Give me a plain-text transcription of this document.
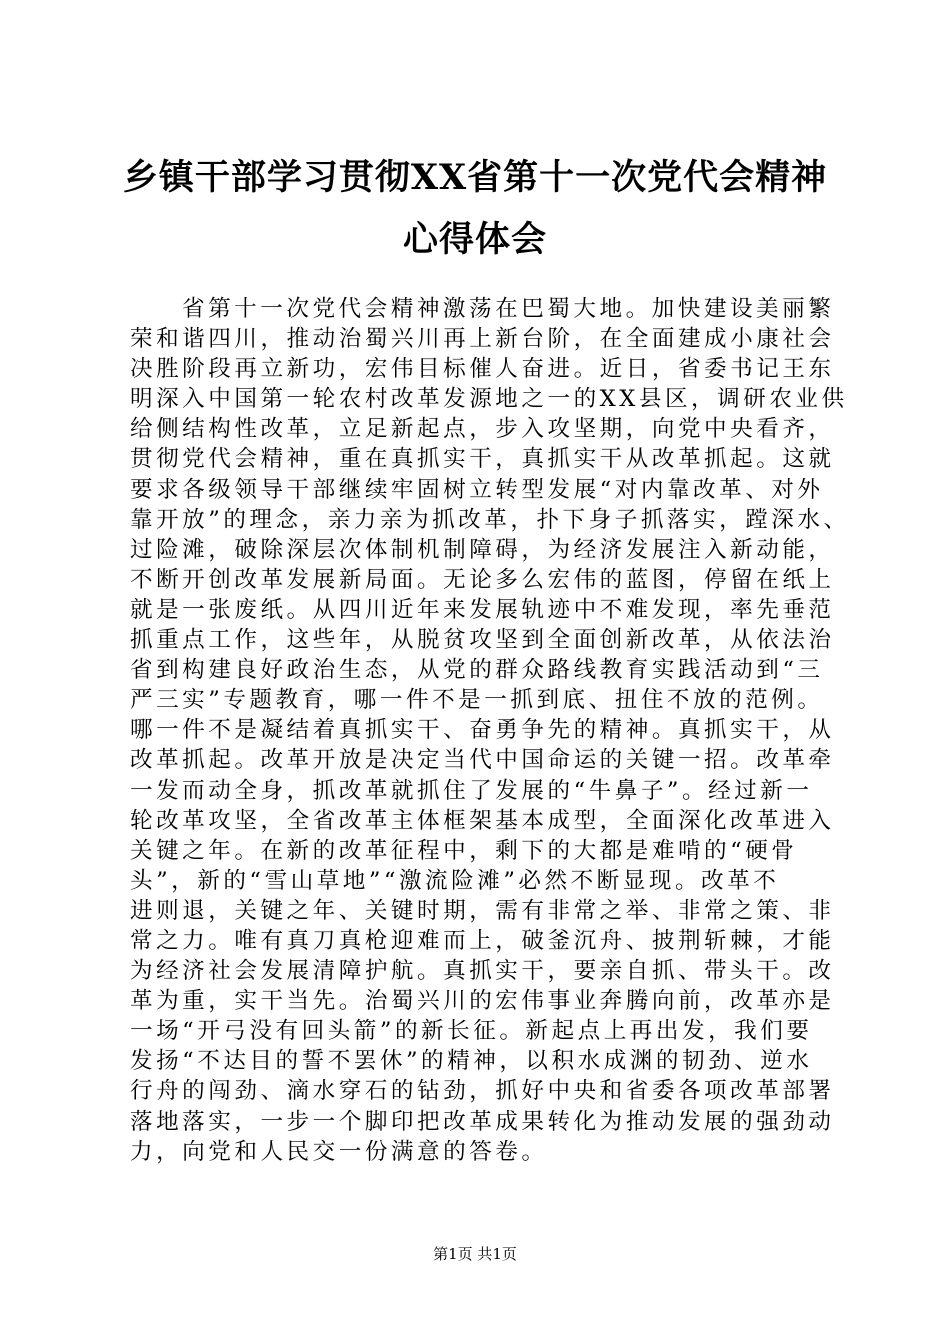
乡镇干部学习贯彻XX省第十一次党代会精神
心得体会
省第十一次党代会精神激荡在巴蜀大地。加快建设美丽繁
荣和谐四川，推动治蜀兴川再上新台阶，在全面建成小康社会
决胜阶段再立新功，宏伟目标催人奋进。近日，省委书记王东
明深入中国第一轮农村改革发源地之一的XX县区，调研农业供
给侧结构性改革，立足新起点，步入攻坚期，向党中央看齐，
贯彻党代会精神，重在真抓实干，真抓实干从改革抓起。这就
要求各级领导干部继续牢固树立转型发展“对内靠改革、对外
靠开放”的理念，亲力亲为抓改革，扑下身子抓落实，蹚深水、
过险滩，破除深层次体制机制障碍，为经济发展注入新动能，
不断开创改革发展新局面。无论多么宏伟的蓝图，停留在纸上
就是一张废纸。从四川近年来发展轨迹中不难发现，率先垂范
抓重点工作，这些年，从脱贫攻坚到全面创新改革，从依法治
省到构建良好政治生态，从党的群众路线教育实践活动到“三
严三实”专题教育，哪一件不是一抓到底、扭住不放的范例。
哪一件不是凝结着真抓实干、奋勇争先的精神。真抓实干，从
改革抓起。改革开放是决定当代中国命运的关键一招。改革牵
一发而动全身，抓改革就抓住了发展的“牛鼻子”。经过新一
轮改革攻坚，全省改革主体框架基本成型，全面深化改革进入
关键之年。在新的改革征程中，剩下的大都是难啃的“硬骨
头”，新的“雪山草地”“激流险滩”必然不断显现。改革不
进则退，关键之年、关键时期，需有非常之举、非常之策、非
常之力。唯有真刀真枪迎难而上，破釜沉舟、披荆斩棘，才能
为经济社会发展清障护航。真抓实干，要亲自抓、带头干。改
革为重，实干当先。治蜀兴川的宏伟事业奔腾向前，改革亦是
一场“开弓没有回头箭”的新长征。新起点上再出发，我们要
发扬“不达目的誓不罢休”的精神，以积水成渊的韧劲、逆水
行舟的闯劲、滴水穿石的钻劲，抓好中央和省委各项改革部署
落地落实，一步一个脚印把改革成果转化为推动发展的强劲动
力，向党和人民交一份满意的答卷。
第1页 共1页
